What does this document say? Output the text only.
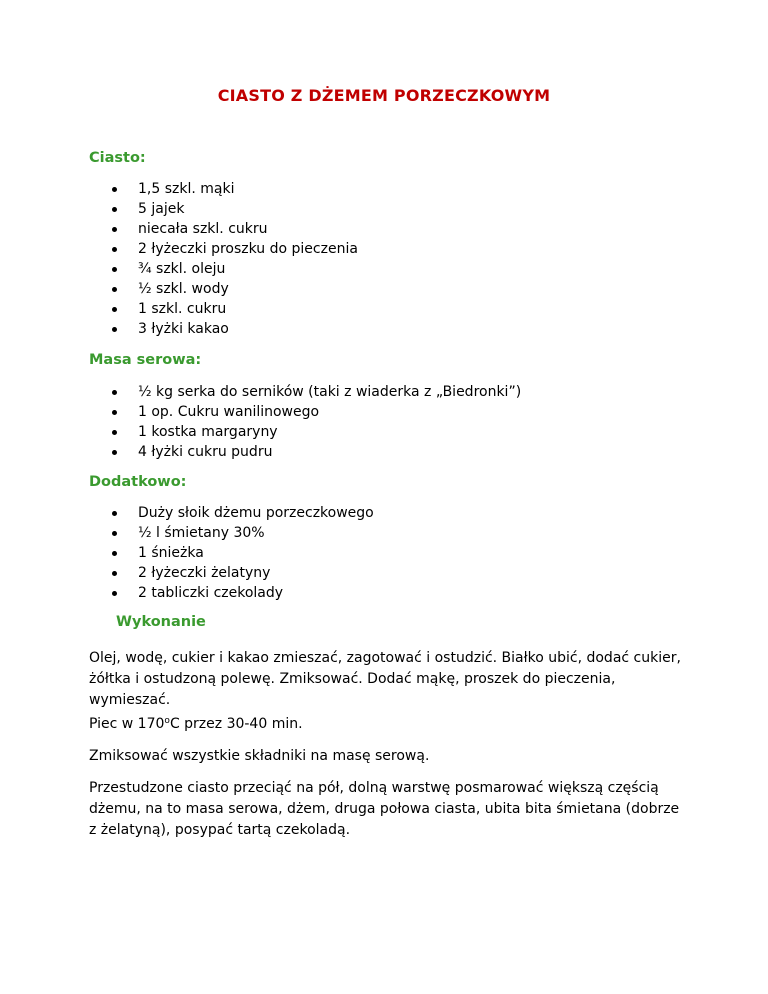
CIASTO Z DŻEMEM PORZECZKOWYM
Ciasto:
1,5 szkl. mąki
5 jajek
niecała szkl. cukru
2 łyżeczki proszku do pieczenia
¾ szkl. oleju
½ szkl. wody
1 szkl. cukru
3 łyżki kakao
Masa serowa:
½ kg serka do serników (taki z wiaderka z „Biedronki”)
1 op. Cukru wanilinowego
1 kostka margaryny
4 łyżki cukru pudru
Dodatkowo:
Duży słoik dżemu porzeczkowego
½ l śmietany 30%
1 śnieżka
2 łyżeczki żelatyny
2 tabliczki czekolady
Wykonanie
Olej, wodę, cukier i kakao zmieszać, zagotować i ostudzić. Białko ubić, dodać cukier, żółtka i ostudzoną polewę. Zmiksować. Dodać mąkę, proszek do pieczenia, wymieszać.
Piec w 170$^o$C przez 30-40 min.
Zmiksować wszystkie składniki na masę serową.
Przestudzone ciasto przeciąć na pół, dolną warstwę posmarować większą częścią dżemu, na to masa serowa, dżem, druga połowa ciasta, ubita bita śmietana (dobrze z żelatyną), posypać tartą czekoladą.
